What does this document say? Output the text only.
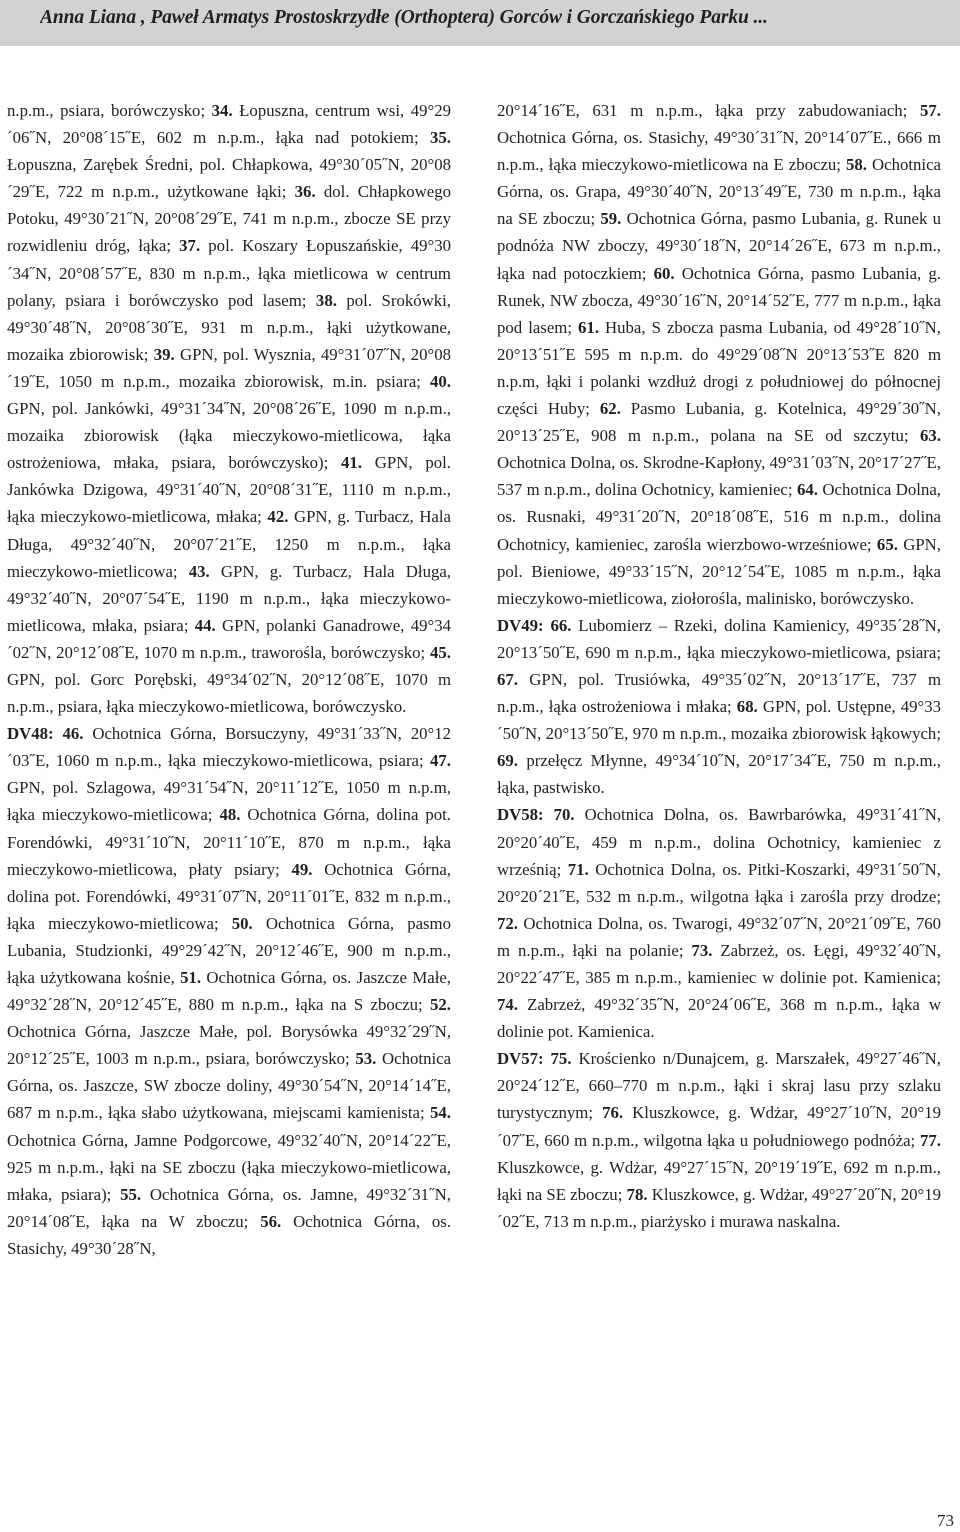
Anna Liana , Paweł Armatys Prostoskrzydłe (Orthoptera) Gorców i Gorczańskiego Parku ...

n.p.m., psiara, borówczysko; 34. Łopuszna, centrum wsi, 49°29´06˝N, 20°08´15˝E, 602 m n.p.m., łąka nad potokiem; 35. Łopuszna, Zarębek Średni, pol. Chłapkowa, 49°30´05˝N, 20°08´29˝E, 722 m n.p.m., użytkowane łąki; 36. dol. Chłapkowego Potoku, 49°30´21˝N, 20°08´29˝E, 741 m n.p.m., zbocze SE przy rozwidleniu dróg, łąka; 37. pol. Koszary Łopuszańskie, 49°30´34˝N, 20°08´57˝E, 830 m n.p.m., łąka mietlicowa w centrum polany, psiara i borówczysko pod lasem; 38. pol. Srokówki, 49°30´48˝N, 20°08´30˝E, 931 m n.p.m., łąki użytkowane, mozaika zbiorowisk; 39. GPN, pol. Wysznia, 49°31´07˝N, 20°08´19˝E, 1050 m n.p.m., mozaika zbiorowisk, m.in. psiara; 40. GPN, pol. Jankówki, 49°31´34˝N, 20°08´26˝E, 1090 m n.p.m., mozaika zbiorowisk (łąka mieczykowo-mietlicowa, łąka ostrożeniowa, młaka, psiara, borówczysko); 41. GPN, pol. Jankówka Dzigowa, 49°31´40˝N, 20°08´31˝E, 1110 m n.p.m., łąka mieczykowo-mietlicowa, młaka; 42. GPN, g. Turbacz, Hala Długa, 49°32´40˝N, 20°07´21˝E, 1250 m n.p.m., łąka mieczykowo-mietlicowa; 43. GPN, g. Turbacz, Hala Długa, 49°32´40˝N, 20°07´54˝E, 1190 m n.p.m., łąka mieczykowo-mietlicowa, młaka, psiara; 44. GPN, polanki Ganadrowe, 49°34´02˝N, 20°12´08˝E, 1070 m n.p.m., traworośla, borówczysko; 45. GPN, pol. Gorc Porębski, 49°34´02˝N, 20°12´08˝E, 1070 m n.p.m., psiara, łąka mieczykowo-mietlicowa, borówczysko.

DV48: 46. Ochotnica Górna, Borsuczyny, 49°31´33˝N, 20°12´03˝E, 1060 m n.p.m., łąka mieczykowo-mietlicowa, psiara; 47. GPN, pol. Szlagowa, 49°31´54˝N, 20°11´12˝E, 1050 m n.p.m, łąka mieczykowo-mietlicowa; 48. Ochotnica Górna, dolina pot. Forendówki, 49°31´10˝N, 20°11´10˝E, 870 m n.p.m., łąka mieczykowo-mietlicowa, płaty psiary; 49. Ochotnica Górna, dolina pot. Forendówki, 49°31´07˝N, 20°11´01˝E, 832 m n.p.m., łąka mieczykowo-mietlicowa; 50. Ochotnica Górna, pasmo Lubania, Studzionki, 49°29´42˝N, 20°12´46˝E, 900 m n.p.m., łąka użytkowana kośnie, 51. Ochotnica Górna, os. Jaszcze Małe, 49°32´28˝N, 20°12´45˝E, 880 m n.p.m., łąka na S zboczu; 52. Ochotnica Górna, Jaszcze Małe, pol. Borysówka 49°32´29˝N, 20°12´25˝E, 1003 m n.p.m., psiara, borówczysko; 53. Ochotnica Górna, os. Jaszcze, SW zbocze doliny, 49°30´54˝N, 20°14´14˝E, 687 m n.p.m., łąka słabo użytkowana, miejscami kamienista; 54. Ochotnica Górna, Jamne Podgorcowe, 49°32´40˝N, 20°14´22˝E, 925 m n.p.m., łąki na SE zboczu (łąka mieczykowo-mietlicowa, młaka, psiara); 55. Ochotnica Górna, os. Jamne, 49°32´31˝N, 20°14´08˝E, łąka na W zboczu; 56. Ochotnica Górna, os. Stasichy, 49°30´28˝N,

20°14´16˝E, 631 m n.p.m., łąka przy zabudowaniach; 57. Ochotnica Górna, os. Stasichy, 49°30´31˝N, 20°14´07˝E., 666 m n.p.m., łąka mieczykowo-mietlicowa na E zboczu; 58. Ochotnica Górna, os. Grapa, 49°30´40˝N, 20°13´49˝E, 730 m n.p.m., łąka na SE zboczu; 59. Ochotnica Górna, pasmo Lubania, g. Runek u podnóża NW zboczy, 49°30´18˝N, 20°14´26˝E, 673 m n.p.m., łąka nad potoczkiem; 60. Ochotnica Górna, pasmo Lubania, g. Runek, NW zbocza, 49°30´16˝N, 20°14´52˝E, 777 m n.p.m., łąka pod lasem; 61. Huba, S zbocza pasma Lubania, od 49°28´10˝N, 20°13´51˝E 595 m n.p.m. do 49°29´08˝N 20°13´53˝E 820 m n.p.m, łąki i polanki wzdłuż drogi z południowej do północnej części Huby; 62. Pasmo Lubania, g. Kotelnica, 49°29´30˝N, 20°13´25˝E, 908 m n.p.m., polana na SE od szczytu; 63. Ochotnica Dolna, os. Skrodne-Kapłony, 49°31´03˝N, 20°17´27˝E, 537 m n.p.m., dolina Ochotnicy, kamieniec; 64. Ochotnica Dolna, os. Rusnaki, 49°31´20˝N, 20°18´08˝E, 516 m n.p.m., dolina Ochotnicy, kamieniec, zarośla wierzbowo-wrześniowe; 65. GPN, pol. Bieniowe, 49°33´15˝N, 20°12´54˝E, 1085 m n.p.m., łąka mieczykowo-mietlicowa, ziołorośla, malinisko, borówczysko.

DV49: 66. Lubomierz – Rzeki, dolina Kamienicy, 49°35´28˝N, 20°13´50˝E, 690 m n.p.m., łąka mieczykowo-mietlicowa, psiara; 67. GPN, pol. Trusiówka, 49°35´02˝N, 20°13´17˝E, 737 m n.p.m., łąka ostrożeniowa i młaka; 68. GPN, pol. Ustępne, 49°33´50˝N, 20°13´50˝E, 970 m n.p.m., mozaika zbiorowisk łąkowych; 69. przełęcz Młynne, 49°34´10˝N, 20°17´34˝E, 750 m n.p.m., łąka, pastwisko.

DV58: 70. Ochotnica Dolna, os. Bawrbarówka, 49°31´41˝N, 20°20´40˝E, 459 m n.p.m., dolina Ochotnicy, kamieniec z wrześnią; 71. Ochotnica Dolna, os. Pitki-Koszarki, 49°31´50˝N, 20°20´21˝E, 532 m n.p.m., wilgotna łąka i zarośla przy drodze; 72. Ochotnica Dolna, os. Twarogi, 49°32´07˝N, 20°21´09˝E, 760 m n.p.m., łąki na polanie; 73. Zabrzeż, os. Łęgi, 49°32´40˝N, 20°22´47˝E, 385 m n.p.m., kamieniec w dolinie pot. Kamienica; 74. Zabrzeż, 49°32´35˝N, 20°24´06˝E, 368 m n.p.m., łąka w dolinie pot. Kamienica.

DV57: 75. Krościenko n/Dunajcem, g. Marszałek, 49°27´46˝N, 20°24´12˝E, 660–770 m n.p.m., łąki i skraj lasu przy szlaku turystycznym; 76. Kluszkowce, g. Wdżar, 49°27´10˝N, 20°19´07˝E, 660 m n.p.m., wilgotna łąka u południowego podnóża; 77. Kluszkowce, g. Wdżar, 49°27´15˝N, 20°19´19˝E, 692 m n.p.m., łąki na SE zboczu; 78. Kluszkowce, g. Wdżar, 49°27´20˝N, 20°19´02˝E, 713 m n.p.m., piarżysko i murawa naskalna.

73
